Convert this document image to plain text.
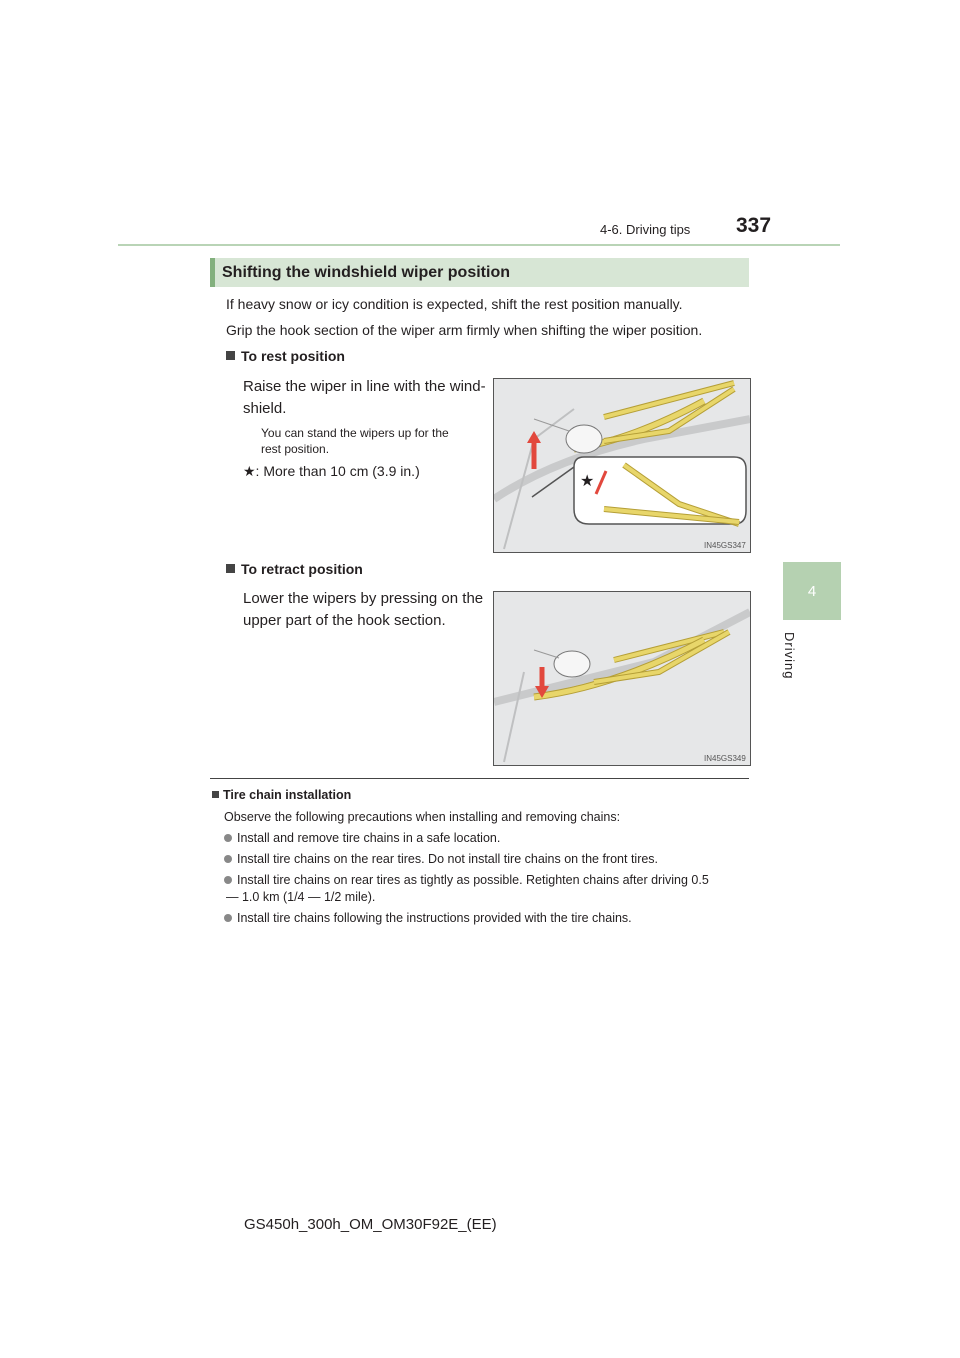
4-6. Driving tips 337
4
Driving
Shifting the windshield wiper position
If heavy snow or icy condition is expected, shift the rest position manually.
Grip the hook section of the wiper arm firmly when shifting the wiper position.
To rest position
Raise the wiper in line with the wind-
shield.
You can stand the wipers up for the
rest position.
★: More than 10 cm (3.9 in.)
★
IN45GS347
To retract position
Lower the wipers by pressing on the
upper part of the hook section.
IN45GS349
Tire chain installation
Observe the following precautions when installing and removing chains:
Install and remove tire chains in a safe location.
Install tire chains on the rear tires. Do not install tire chains on the front tires.
Install tire chains on rear tires as tightly as possible. Retighten chains after driving 0.5
— 1.0 km (1/4 — 1/2 mile).
Install tire chains following the instructions provided with the tire chains.
GS450h_300h_OM_OM30F92E_(EE)
